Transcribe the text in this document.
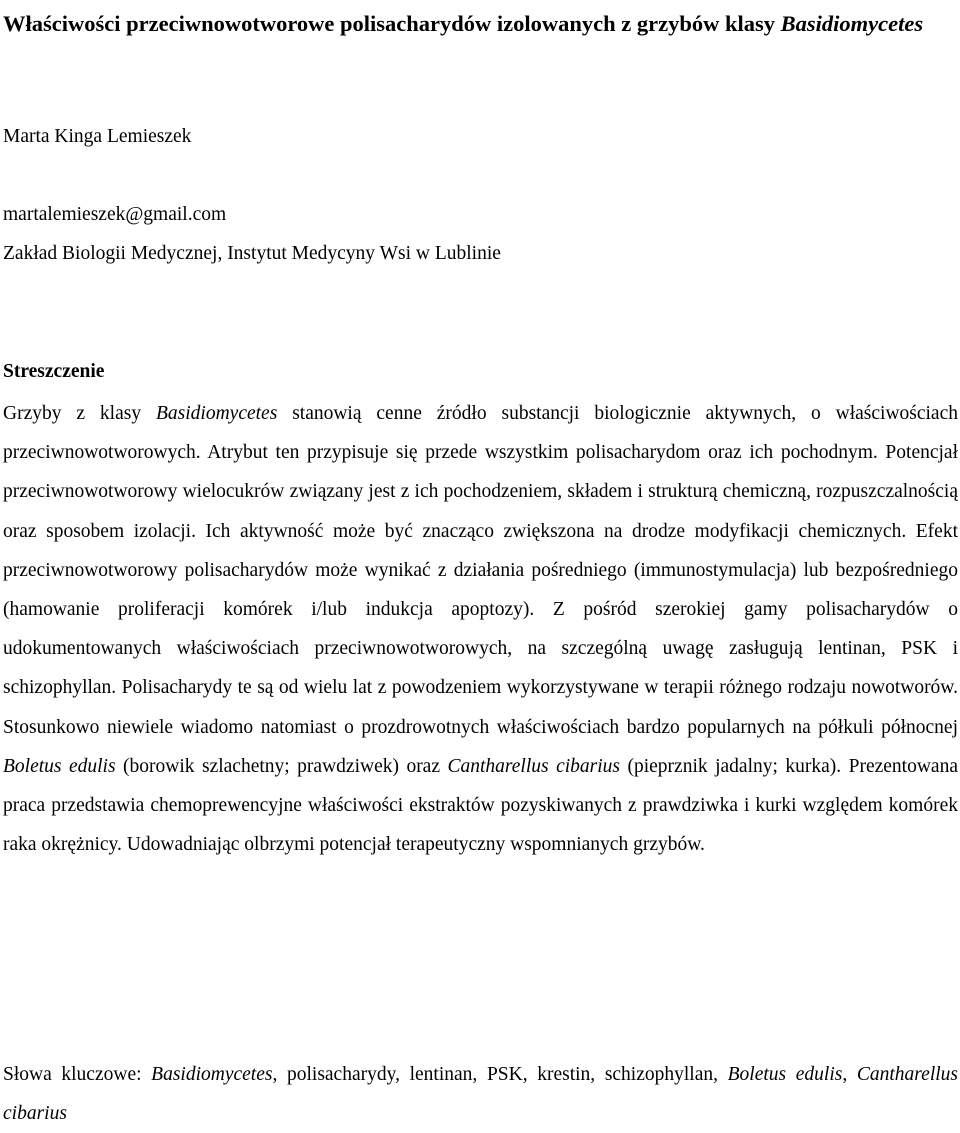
Właściwości przeciwnowotworowe polisacharydów izolowanych z grzybów klasy Basidiomycetes

Marta Kinga Lemieszek

martalemieszek@gmail.com

Zakład Biologii Medycznej, Instytut Medycyny Wsi w Lublinie

Streszczenie

Grzyby z klasy Basidiomycetes stanowią cenne źródło substancji biologicznie aktywnych, o właściwościach przeciwnowotworowych. Atrybut ten przypisuje się przede wszystkim polisacharydom oraz ich pochodnym. Potencjał przeciwnowotworowy wielocukrów związany jest z ich pochodzeniem, składem i strukturą chemiczną, rozpuszczalnością oraz sposobem izolacji. Ich aktywność może być znacząco zwiększona na drodze modyfikacji chemicznych. Efekt przeciwnowotworowy polisacharydów może wynikać z działania pośredniego (immunostymulacja) lub bezpośredniego (hamowanie proliferacji komórek i/lub indukcja apoptozy). Z pośród szerokiej gamy polisacharydów o udokumentowanych właściwościach przeciwnowotworowych, na szczególną uwagę zasługują lentinan, PSK i schizophyllan. Polisacharydy te są od wielu lat z powodzeniem wykorzystywane w terapii różnego rodzaju nowotworów. Stosunkowo niewiele wiadomo natomiast o prozdrowotnych właściwościach bardzo popularnych na półkuli północnej Boletus edulis (borowik szlachetny; prawdziwek) oraz Cantharellus cibarius (pieprznik jadalny; kurka). Prezentowana praca przedstawia chemoprewencyjne właściwości ekstraktów pozyskiwanych z prawdziwka i kurki względem komórek raka okrężnicy. Udowadniając olbrzymi potencjał terapeutyczny wspomnianych grzybów.

Słowa kluczowe: Basidiomycetes, polisacharydy, lentinan, PSK, krestin, schizophyllan, Boletus edulis, Cantharellus cibarius
